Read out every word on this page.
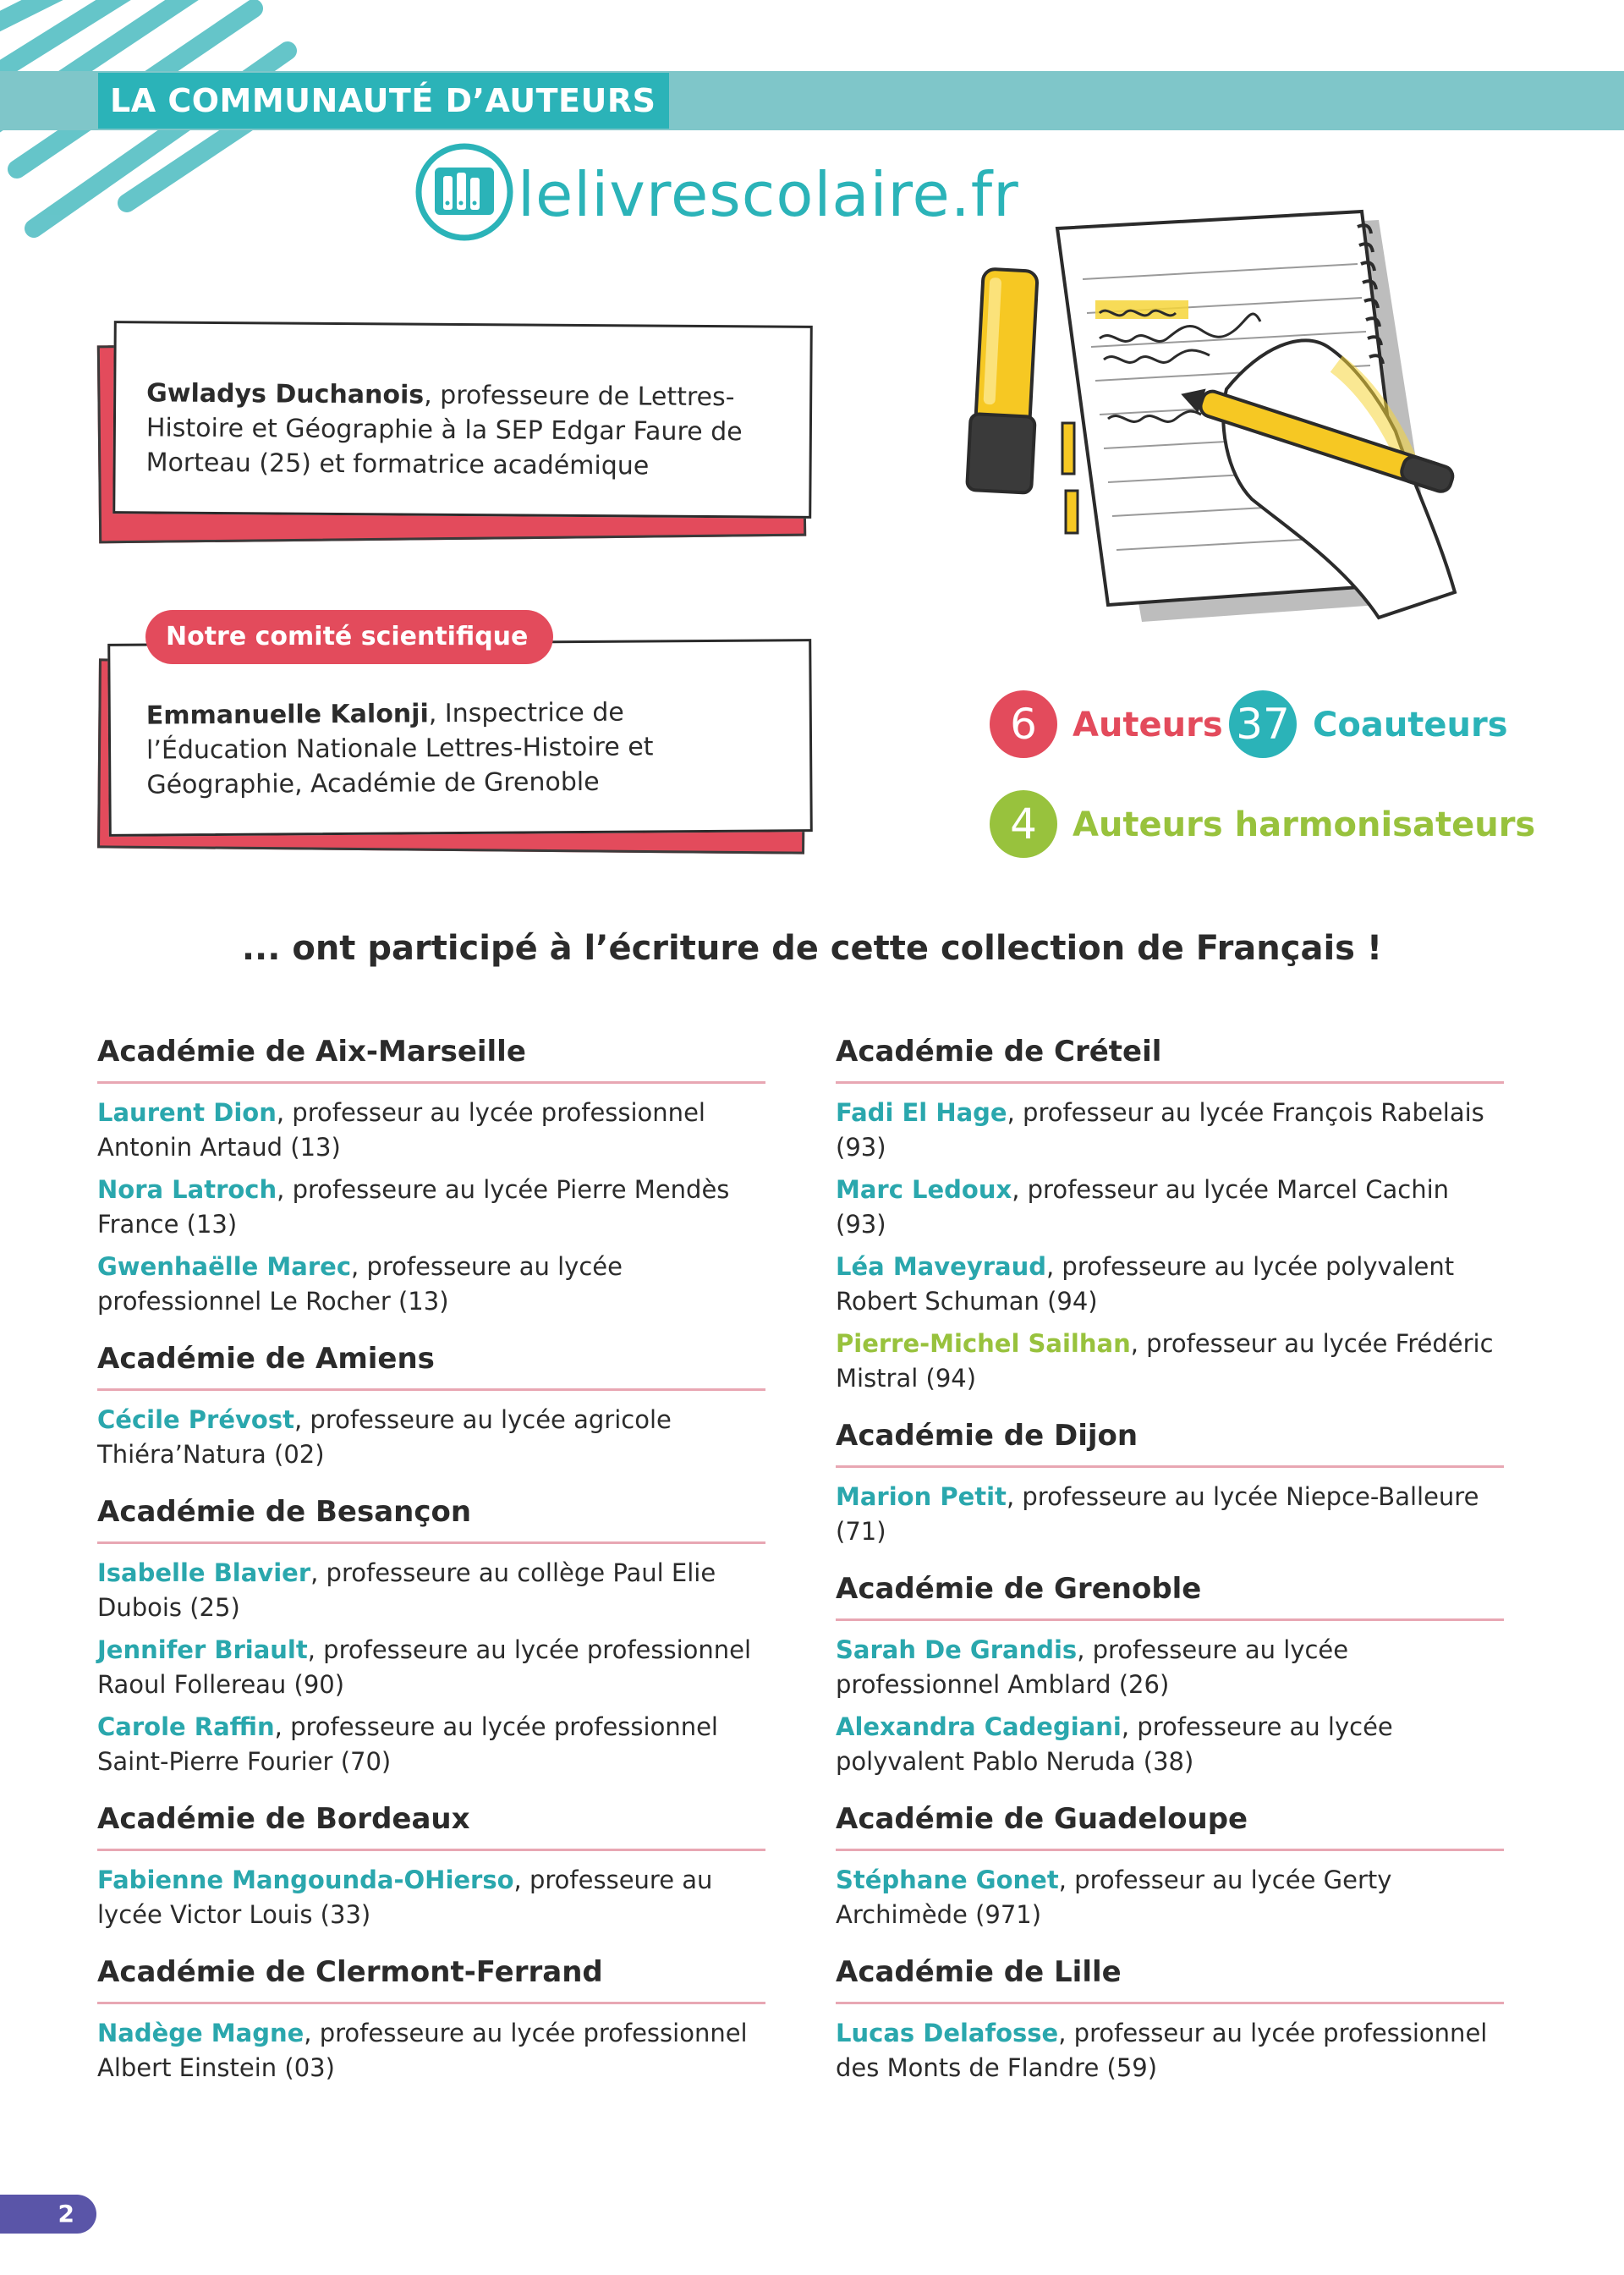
LA COMMUNAUTÉ D’AUTEURS
lelivrescolaire.fr
Gwladys Duchanois, professeure de Lettres-Histoire et Géographie à la SEP Edgar Faure de Morteau (25) et formatrice académique
Emmanuelle Kalonji, Inspectrice de l’Éducation Nationale Lettres-Histoire et Géographie, Académie de Grenoble
Notre comité scientifique
6	Auteurs 37 Coauteurs
4	Auteurs harmonisateurs
... ont participé à l’écriture de cette collection de Français !
Académie de Aix-Marseille
Laurent Dion, professeur au lycée professionnel Antonin Artaud (13)
Nora Latroch, professeure au lycée Pierre Mendès France (13)
Gwenhaëlle Marec, professeure au lycée professionnel Le Rocher (13)
Académie de Amiens
Cécile Prévost, professeure au lycée agricole Thiéra’Natura (02)
Académie de Besançon
Isabelle Blavier, professeure au collège Paul Elie Dubois (25)
Jennifer Briault, professeure au lycée professionnel Raoul Follereau (90)
Carole Raffin, professeure au lycée professionnel Saint-Pierre Fourier (70)
Académie de Bordeaux
Fabienne Mangounda-OHierso, professeure au lycée Victor Louis (33)
Académie de Clermont-Ferrand
Nadège Magne, professeure au lycée professionnel Albert Einstein (03)
Académie de Créteil
Fadi El Hage, professeur au lycée François Rabelais (93)
Marc Ledoux, professeur au lycée Marcel Cachin (93)
Léa Maveyraud, professeure au lycée polyvalent Robert Schuman (94)
Pierre-Michel Sailhan, professeur au lycée Frédéric Mistral (94)
Académie de Dijon
Marion Petit, professeure au lycée Niepce-Balleure (71)
Académie de Grenoble
Sarah De Grandis, professeure au lycée professionnel Amblard (26)
Alexandra Cadegiani, professeure au lycée polyvalent Pablo Neruda (38)
Académie de Guadeloupe
Stéphane Gonet, professeur au lycée Gerty Archimède (971)
Académie de Lille
Lucas Delafosse, professeur au lycée professionnel des Monts de Flandre (59)
2
